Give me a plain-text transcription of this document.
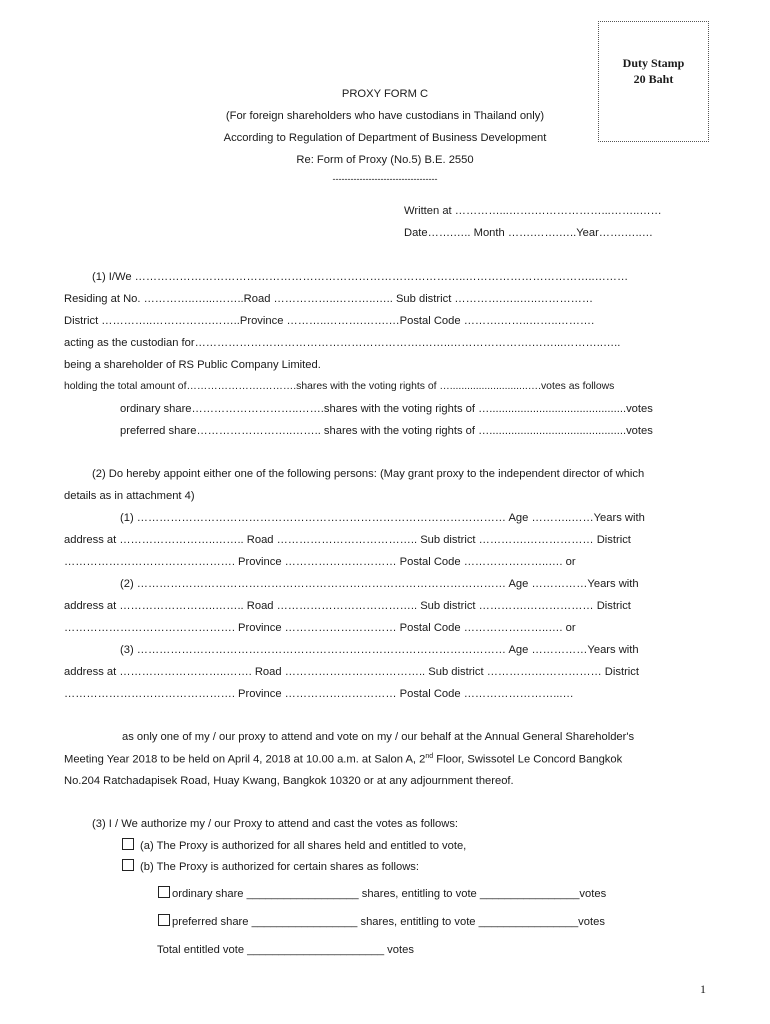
Duty Stamp
20 Baht
PROXY FORM C
(For foreign shareholders who have custodians in Thailand only)
According to Regulation of Department of Business Development
Re: Form of Proxy (No.5) B.E. 2550
-----------------------------------
Written at …………...…….………………...……..……
Date…….….. Month …….…….…..Year…….…..…
(1) I/We ……………………………………………………………………………..……………………………..………
Residing at No. …………..…...……..Road ……………..………..….. Sub district ………….…..…..……………
District …………..…………….……..Province ………..……….…….…Postal Code ……….……..……..……….
acting as the custodian for…………………………………………………….……..………………….……...………..…..
being a shareholder of RS Public Company Limited.
holding the total amount of………………….……….shares with the voting rights of …...........................….votes as follows
ordinary share………………………..…….shares with the voting rights of …............................................votes
preferred share……………………..…….. shares with the voting rights of …............................................votes
(2) Do hereby appoint either one of the following persons: (May grant proxy to the independent director of which
details as in attachment 4)
(1) ……………………………………………………………………………………… Age ………..……Years with
address at ……………………..…….. Road ……………………………….. Sub district ………….……………… District
………………………………………. Province ………………………… Postal Code …………………..…. or
(2) ……………………………………………………………………………………… Age ……………Years with
address at ……………………..…….. Road ……………………………….. Sub district ………….……………… District
………………………………………. Province ………………………… Postal Code …………………..…. or
(3) ……………………………………………………………………………………… Age ……………Years with
address at ………………………..……. Road ……………………………….. Sub district ………….……………… District
………………………………………. Province ………………………… Postal Code ……………………...…
as only one of my / our proxy to attend and vote on my / our behalf at the Annual General Shareholder's
Meeting Year 2018 to be held on April 4, 2018 at 10.00 a.m. at Salon A, 2nd Floor, Swissotel Le Concord Bangkok
No.204 Ratchadapisek Road, Huay Kwang, Bangkok 10320 or at any adjournment thereof.
(3) I / We authorize my / our Proxy to attend and cast the votes as follows:
(a) The Proxy is authorized for all shares held and entitled to vote,
(b) The Proxy is authorized for certain shares as follows:
ordinary share __________________ shares, entitling to vote ________________votes
preferred share _________________ shares, entitling to vote ________________votes
Total entitled vote ______________________ votes
1
